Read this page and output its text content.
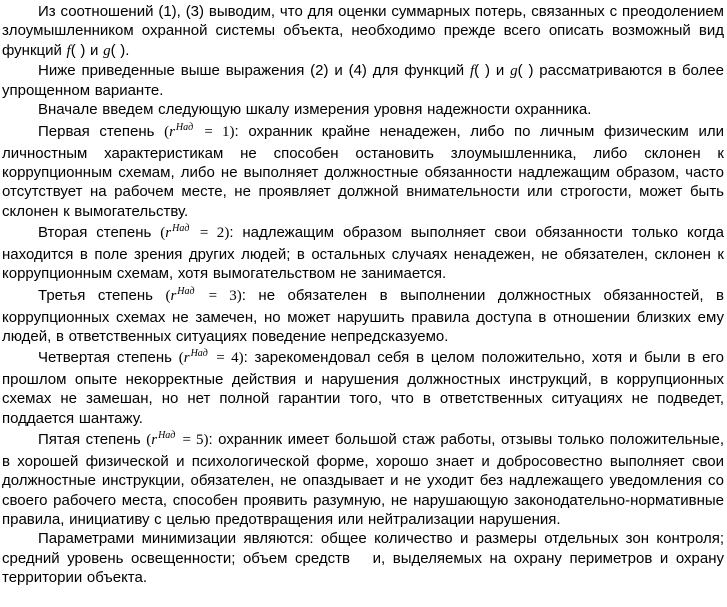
Из соотношений (1), (3) выводим, что для оценки суммарных потерь, связанных с преодолением злоумышленником охранной системы объекта, необходимо прежде всего описать возможный вид функций f( ) и g( ).

Ниже приведенные выше выражения (2) и (4) для функций f( ) и g( ) рассматриваются в более упрощенном варианте.

Вначале введем следующую шкалу измерения уровня надежности охранника.

Первая степень $(r^{Над} = 1)$: охранник крайне ненадежен, либо по личным физическим или личностным характеристикам не способен остановить злоумышленника, либо склонен к коррупционным схемам, либо не выполняет должностные обязанности надлежащим образом, часто отсутствует на рабочем месте, не проявляет должной внимательности или строгости, может быть склонен к вымогательству.

Вторая степень $(r^{Над} = 2)$: надлежащим образом выполняет свои обязанности только когда находится в поле зрения других людей; в остальных случаях ненадежен, не обязателен, склонен к коррупционным схемам, хотя вымогательством не занимается.

Третья степень $(r^{Над} = 3)$: не обязателен в выполнении должностных обязанностей, в коррупционных схемах не замечен, но может нарушить правила доступа в отношении близких ему людей, в ответственных ситуациях поведение непредсказуемо.

Четвертая степень $(r^{Над} = 4)$: зарекомендовал себя в целом положительно, хотя и были в его прошлом опыте некорректные действия и нарушения должностных инструкций, в коррупционных схемах не замешан, но нет полной гарантии того, что в ответственных ситуациях не подведет, поддается шантажу.

Пятая степень $(r^{Над} = 5)$: охранник имеет большой стаж работы, отзывы только положительные, в хорошей физической и психологической форме, хорошо знает и добросовестно выполняет свои должностные инструкции, обязателен, не опаздывает и не уходит без надлежащего уведомления со своего рабочего места, способен проявить разумную, не нарушающую законодательно-нормативные правила, инициативу с целью предотвращения или нейтрализации нарушения.

Параметрами минимизации являются: общее количество и размеры отдельных зон контроля; средний уровень освещенности; объем средств   и, выделяемых на охрану периметров и охрану территории объекта.
